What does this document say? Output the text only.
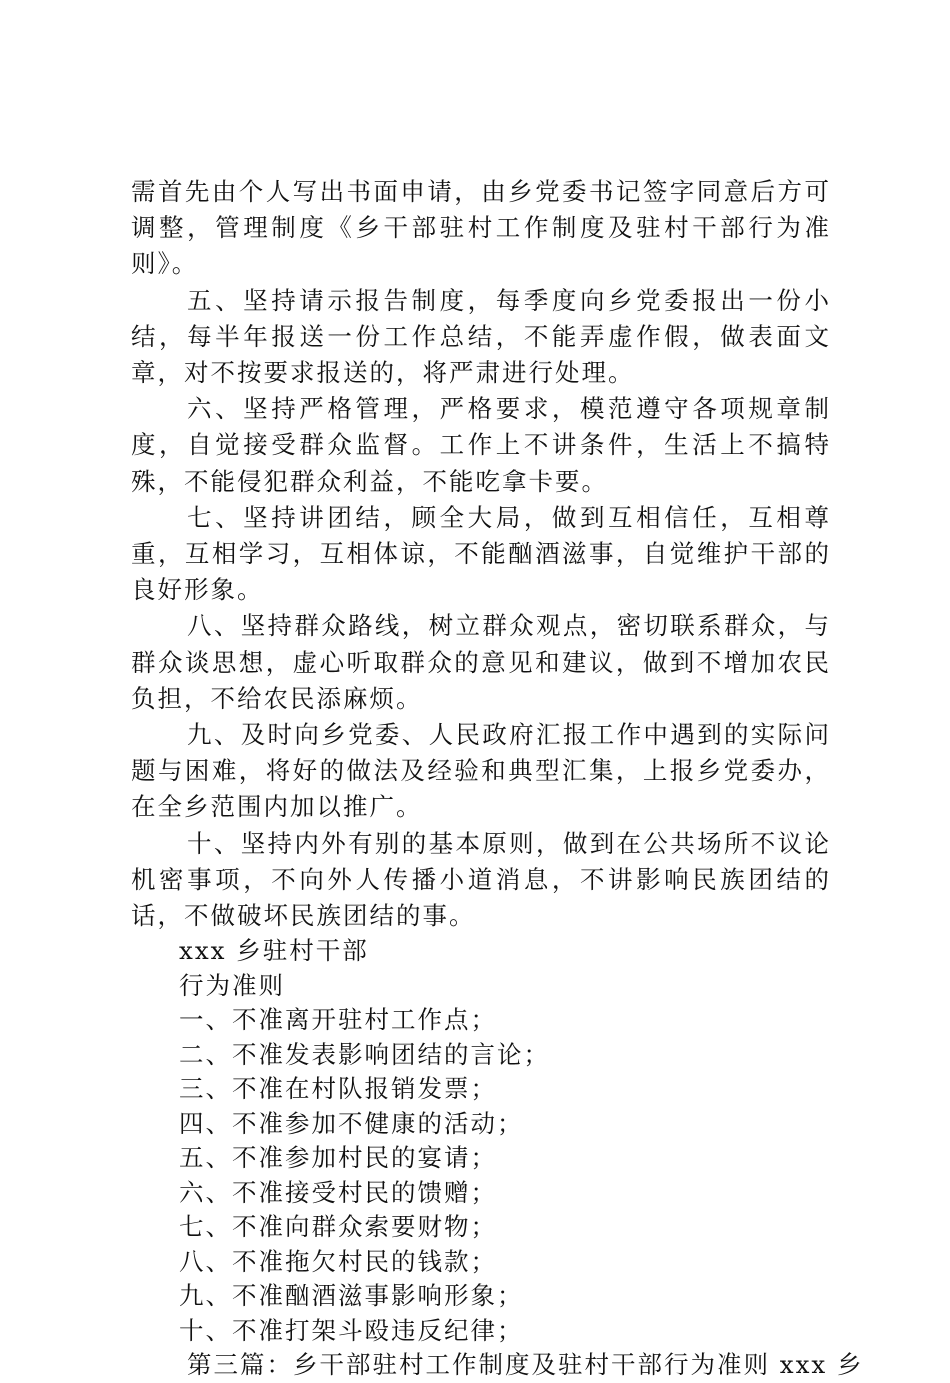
需首先由个人写出书面申请，由乡党委书记签字同意后方可调整，管理制度《乡干部驻村工作制度及驻村干部行为准则》。

五、坚持请示报告制度，每季度向乡党委报出一份小结，每半年报送一份工作总结，不能弄虚作假，做表面文章，对不按要求报送的，将严肃进行处理。

六、坚持严格管理，严格要求，模范遵守各项规章制度，自觉接受群众监督。工作上不讲条件，生活上不搞特殊，不能侵犯群众利益，不能吃拿卡要。

七、坚持讲团结，顾全大局，做到互相信任，互相尊重，互相学习，互相体谅，不能酗酒滋事，自觉维护干部的良好形象。

八、坚持群众路线，树立群众观点，密切联系群众，与群众谈思想，虚心听取群众的意见和建议，做到不增加农民负担，不给农民添麻烦。

九、及时向乡党委、人民政府汇报工作中遇到的实际问题与困难，将好的做法及经验和典型汇集，上报乡党委办，在全乡范围内加以推广。

十、坚持内外有别的基本原则，做到在公共场所不议论机密事项，不向外人传播小道消息，不讲影响民族团结的话，不做破坏民族团结的事。

xxx 乡驻村干部

行为准则

一、不准离开驻村工作点；

二、不准发表影响团结的言论；

三、不准在村队报销发票；

四、不准参加不健康的活动；

五、不准参加村民的宴请；

六、不准接受村民的馈赠；

七、不准向群众索要财物；

八、不准拖欠村民的钱款；

九、不准酗酒滋事影响形象；

十、不准打架斗殴违反纪律；

第三篇：乡干部驻村工作制度及驻村干部行为准则 xxx 乡
